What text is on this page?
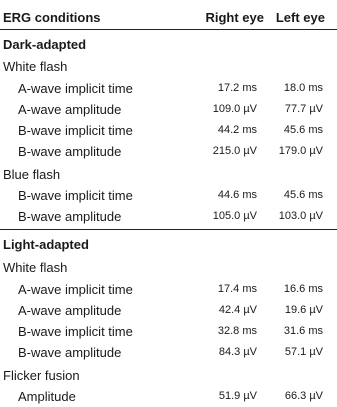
ERG conditions	Right eye Left eye
Dark-adapted
White flash
A-wave implicit time	17.2 ms 18.0 ms
A-wave amplitude	109.0 µV	77.7 µV
B-wave implicit time	44.2 ms 45.6 ms
B-wave amplitude	215.0 µV 179.0 µV
Blue flash
B-wave implicit time	44.6 ms 45.6 ms
B-wave amplitude	105.0 µV 103.0 µV
Light-adapted
White flash
A-wave implicit time	17.4 ms 16.6 ms
A-wave amplitude	42.4 µV	19.6 µV
B-wave implicit time	32.8 ms 31.6 ms
B-wave amplitude	84.3 µV	57.1 µV
Flicker fusion
Amplitude	51.9 µV	66.3 µV
